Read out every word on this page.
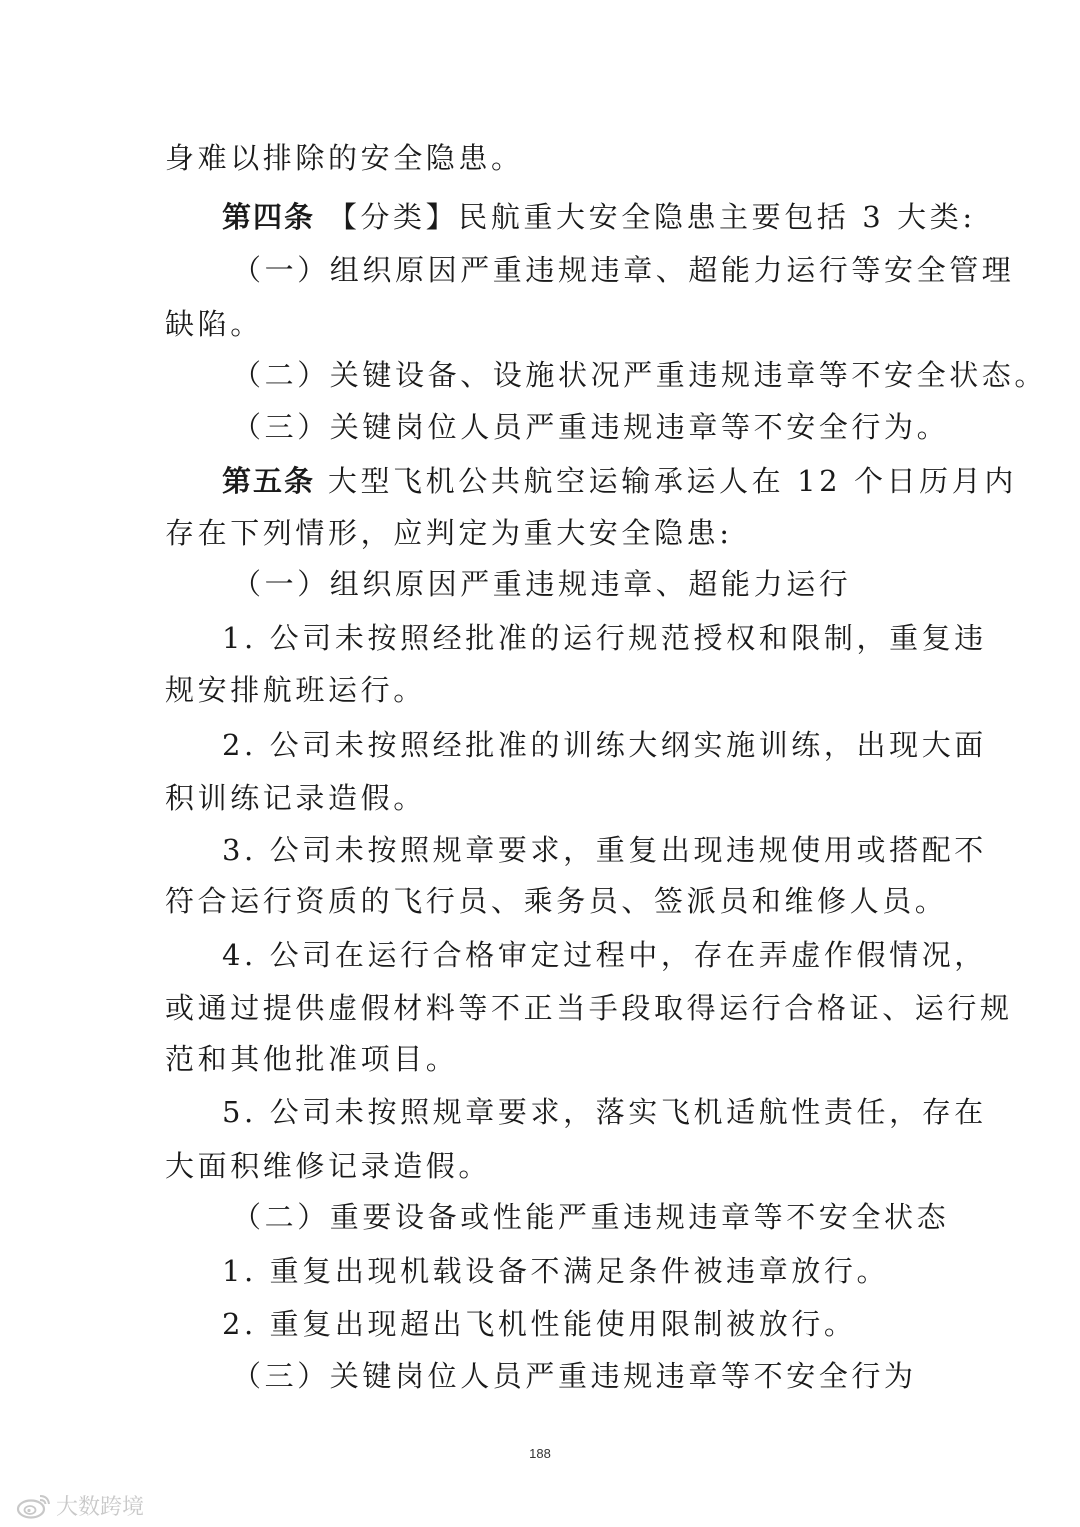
身难以排除的安全隐患。
第四条 【分类】民航重大安全隐患主要包括 3 大类:
（一）组织原因严重违规违章、超能力运行等安全管理
缺陷。
（二）关键设备、设施状况严重违规违章等不安全状态。
（三）关键岗位人员严重违规违章等不安全行为。
第五条 大型飞机公共航空运输承运人在 12 个日历月内
存在下列情形，应判定为重大安全隐患:
（一）组织原因严重违规违章、超能力运行
1. 公司未按照经批准的运行规范授权和限制，重复违
规安排航班运行。
2. 公司未按照经批准的训练大纲实施训练，出现大面
积训练记录造假。
3. 公司未按照规章要求，重复出现违规使用或搭配不
符合运行资质的飞行员、乘务员、签派员和维修人员。
4. 公司在运行合格审定过程中，存在弄虚作假情况，
或通过提供虚假材料等不正当手段取得运行合格证、运行规
范和其他批准项目。
5. 公司未按照规章要求，落实飞机适航性责任，存在
大面积维修记录造假。
（二）重要设备或性能严重违规违章等不安全状态
1. 重复出现机载设备不满足条件被违章放行。
2. 重复出现超出飞机性能使用限制被放行。
（三）关键岗位人员严重违规违章等不安全行为
188
大数跨境
